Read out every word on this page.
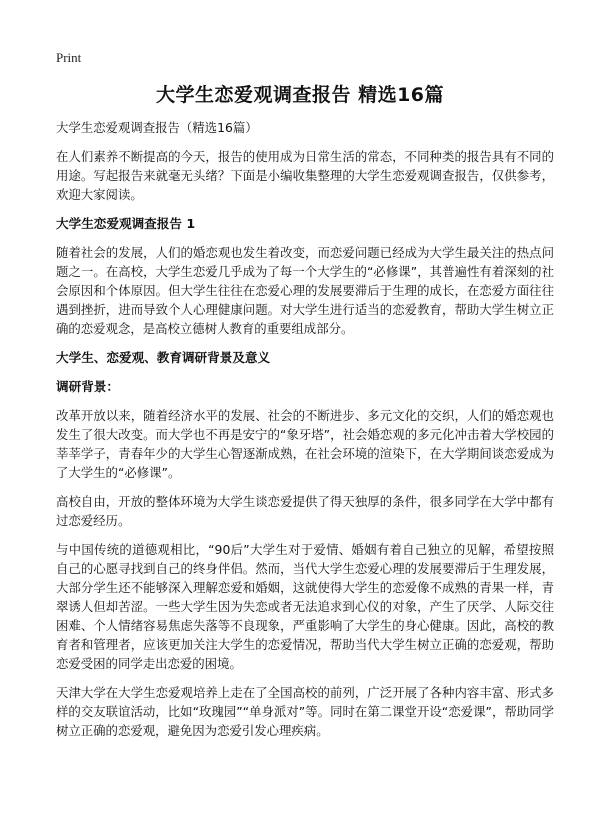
Print
大学生恋爱观调查报告 精选16篇

大学生恋爱观调查报告（精选16篇）

在人们素养不断提高的今天，报告的使用成为日常生活的常态，不同种类的报告具有不同的用途。写起报告来就毫无头绪？下面是小编收集整理的大学生恋爱观调查报告，仅供参考，欢迎大家阅读。

大学生恋爱观调查报告 1

随着社会的发展，人们的婚恋观也发生着改变，而恋爱问题已经成为大学生最关注的热点问题之一。在高校，大学生恋爱几乎成为了每一个大学生的“必修课”，其普遍性有着深刻的社会原因和个体原因。但大学生往往在恋爱心理的发展要滞后于生理的成长，在恋爱方面往往遇到挫折，进而导致个人心理健康问题。对大学生进行适当的恋爱教育，帮助大学生树立正确的恋爱观念，是高校立德树人教育的重要组成部分。

大学生、恋爱观、教育调研背景及意义

调研背景：

改革开放以来，随着经济水平的发展、社会的不断进步、多元文化的交织，人们的婚恋观也发生了很大改变。而大学也不再是安宁的“象牙塔”，社会婚恋观的多元化冲击着大学校园的莘莘学子，青春年少的大学生心智逐渐成熟，在社会环境的渲染下，在大学期间谈恋爱成为了大学生的“必修课”。

高校自由，开放的整体环境为大学生谈恋爱提供了得天独厚的条件，很多同学在大学中都有过恋爱经历。

与中国传统的道德观相比，“90后”大学生对于爱情、婚姻有着自己独立的见解，希望按照自己的心愿寻找到自己的终身伴侣。然而，当代大学生恋爱心理的发展要滞后于生理发展，大部分学生还不能够深入理解恋爱和婚姻，这就使得大学生的恋爱像不成熟的青果一样，青翠诱人但却苦涩。一些大学生因为失恋或者无法追求到心仪的对象，产生了厌学、人际交往困难、个人情绪容易焦虑失落等不良现象，严重影响了大学生的身心健康。因此，高校的教育者和管理者，应该更加关注大学生的恋爱情况，帮助当代大学生树立正确的恋爱观，帮助恋爱受困的同学走出恋爱的困境。

天津大学在大学生恋爱观培养上走在了全国高校的前列，广泛开展了各种内容丰富、形式多样的交友联谊活动，比如“玫瑰园”“单身派对”等。同时在第二课堂开设“恋爱课”，帮助同学树立正确的恋爱观，避免因为恋爱引发心理疾病。
